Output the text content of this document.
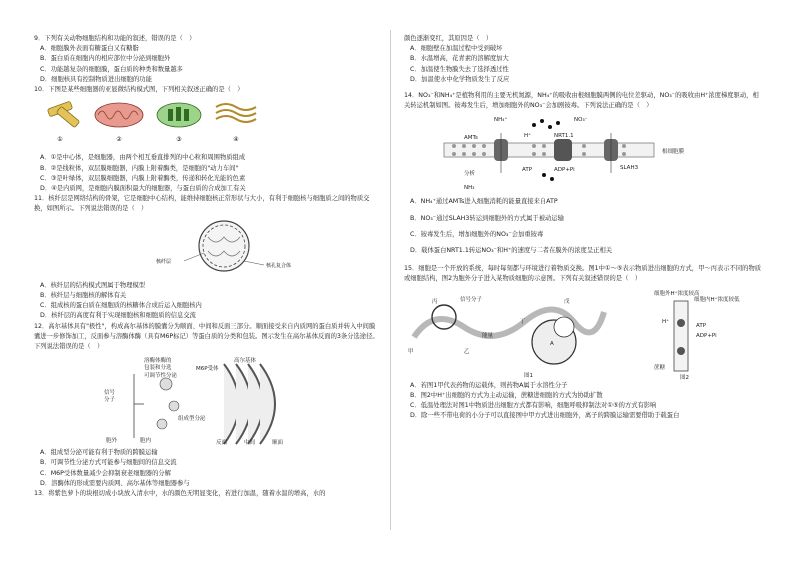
9．下列有关动物细胞结构和功能的叙述，错误的是（　）

A．细胞膜外表面有糖蛋白又有糖脂

B．蛋白质在细胞内的相应部位中分泌到细胞外

C．功能越复杂的细胞膜，蛋白质的种类和数量越多

D．细胞核具有控制物质进出细胞的功能

10．下图是某些细胞器的亚显微结构模式图，下列相关叙述正确的是（　）

①	②	③	④

A．①是中心体，是细胞器，由两个相互垂直排列的中心粒和周围物质组成

B．②是线粒体，双层膜细胞器，内膜上附着酶类，是细胞的"动力车间"

C．③是叶绿体，双层膜细胞器，内膜上附着酶类，传递和转化光能的色素

D．④是内质网，是细胞内膜面积最大的细胞器，与蛋白质的合成加工有关

11．核纤层是网络结构的骨架，它是细胞中心结构，能维持细胞核正常形状与大小，有利于细胞核与细胞质之间的物质交换，如图所示。下列说法错误的是（　）

核纤层
核孔复合体

A．核纤层的结构模式图属于物理模型

B．核纤层与细胞核的解体有关

C．组成核的蛋白质在细胞质的核糖体合成后运入细胞核内

D．核纤层的高度有利于实现细胞核和细胞质的信息交流

12．高尔基体具有"极性"，构成高尔基体的膜囊分为顺面、中间和反面三部分。顺面接受来自内质网的蛋白质并转入中间膜囊进一步修饰加工，反面参与溶酶体酶（具有M6P标记）等蛋白质的分类和包装。图示发生在高尔基体反面的3条分选途径。下列说法错误的是（　）

高尔基体
溶酶体酶的
包装和分选	M6P受体
可调节性分泌
信号
分子
组成型分泌
胞外	胞内	反面	中间	顺面

A．组成型分泌可能有利于物质的跨膜运输

B．可调节性分泌方式可能参与细胞间的信息交流

C．M6P受体数量减少会抑制衰老细胞器的分解

D．溶酶体的形成需要内质网、高尔基体等细胞器参与

13．将紫色萝卜的块根切成小块放入清水中，水的颜色无明显变化，若进行加温，随着水温的增高，水的

颜色逐渐变红，其原因是（　）

A．细胞壁在加温过程中受到破坏

B．水温增高，花青素的溶解度加大

C．加温使生物膜失去了选择透过性

D．加温使水中化学物质发生了反应

14．NO₃⁻和NH₄⁺是植物利用的主要无机氮源，NH₄⁺的吸收由根细胞膜两侧的电位差驱动，NO₃⁻的吸收由H⁺浓度梯度驱动，相关转运机制如图。铵毒发生后，增加细胞外的NO₃⁻会加剧铵毒。下列说法正确的是（　）

NH₄⁺	NO₃⁻
H⁺
AMTs	NRT1.1
SLAH3
ATP	ADP+Pi
根细胞膜
NH₃
分析

A．NH₄⁺通过AMTs进入细胞消耗的能量直接来自ATP

B．NO₃⁻通过SLAH3转运到细胞外的方式属于被动运输

C．铵毒发生后，增加细胞外的NO₃⁻会加重铵毒

D．载体蛋白NRT1.1转运NO₃⁻和H⁺的速度与二者在膜外的浓度呈正相关

15．细胞是一个开放的系统，每时每刻都与环境进行着物质交换。图1中①～⑤表示物质进出细胞的方式，甲～丙表示不同的物质或细胞结构，图2为胞外分子进入某物质细胞的示意图。下列有关叙述错误的是（　）

信号分子
能量
A
甲	乙
丙
丁
戊
图1	图2
细胞外H⁺浓度较高
细胞内H⁺浓度较低
H⁺
ATP
ADP+Pi
蔗糖

A．若图1甲代表药物的运载体，则药物A属于水溶性分子

B．图2中H⁺出细胞的方式为主动运输，蔗糖进细胞的方式为协助扩散

C．低温处理法对图1中物质进出细胞方式都有影响，细胞呼吸抑制法对①⑤的方式有影响

D．除一些不带电荷的小分子可以直接图中甲方式进出细胞外，离子的跨膜运输需要借助于载蛋白
